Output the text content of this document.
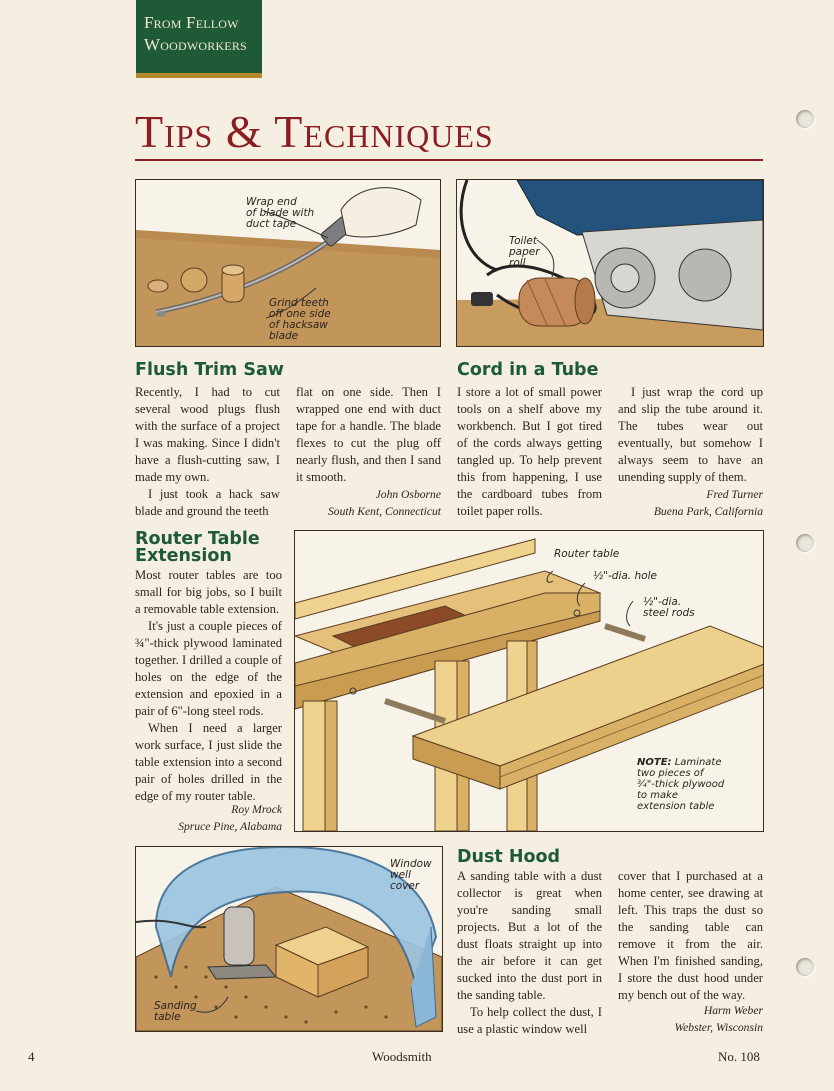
From Fellow
Woodworkers
Tips & Techniques
Wrap end
of blade with
duct tape
Grind teeth
off one side
of hacksaw
blade
Toilet
paper
roll
Flush Trim Saw

Recently, I had to cut several wood plugs flush with the surface of a project I was making. Since I didn't have a flush-cutting saw, I made my own.

I just took a hack saw blade and ground the teeth

flat on one side. Then I wrapped one end with duct tape for a handle. The blade flexes to cut the plug off nearly flush, and then I sand it smooth.

John Osborne
South Kent, Connecticut
Cord in a Tube

I store a lot of small power tools on a shelf above my workbench. But I got tired of the cords always getting tangled up. To help prevent this from happening, I use the cardboard tubes from toilet paper rolls.

I just wrap the cord up and slip the tube around it. The tubes wear out eventually, but somehow I always seem to have an unending supply of them.

Fred Turner
Buena Park, California
Router Table
Extension

Most router tables are too small for big jobs, so I built a removable table extension.

It's just a couple pieces of ¾"-thick plywood laminated together. I drilled a couple of holes on the edge of the extension and epoxied in a pair of 6"-long steel rods.

When I need a larger work surface, I just slide the table extension into a second pair of holes drilled in the edge of my router table.

Roy Mrock
Spruce Pine, Alabama
Router table
½"-dia. hole
½"-dia.
steel rods
NOTE: Laminate
two pieces of
¾"-thick plywood
to make
extension table
Window
well
cover
Sanding
table
Dust Hood

A sanding table with a dust collector is great when you're sanding small projects. But a lot of the dust floats straight up into the air before it can get sucked into the dust port in the sanding table.

To help collect the dust, I use a plastic window well

cover that I purchased at a home center, see drawing at left. This traps the dust so the sanding table can remove it from the air. When I'm finished sanding, I store the dust hood under my bench out of the way.

Harm Weber
Webster, Wisconsin
4	Woodsmith	No. 108
